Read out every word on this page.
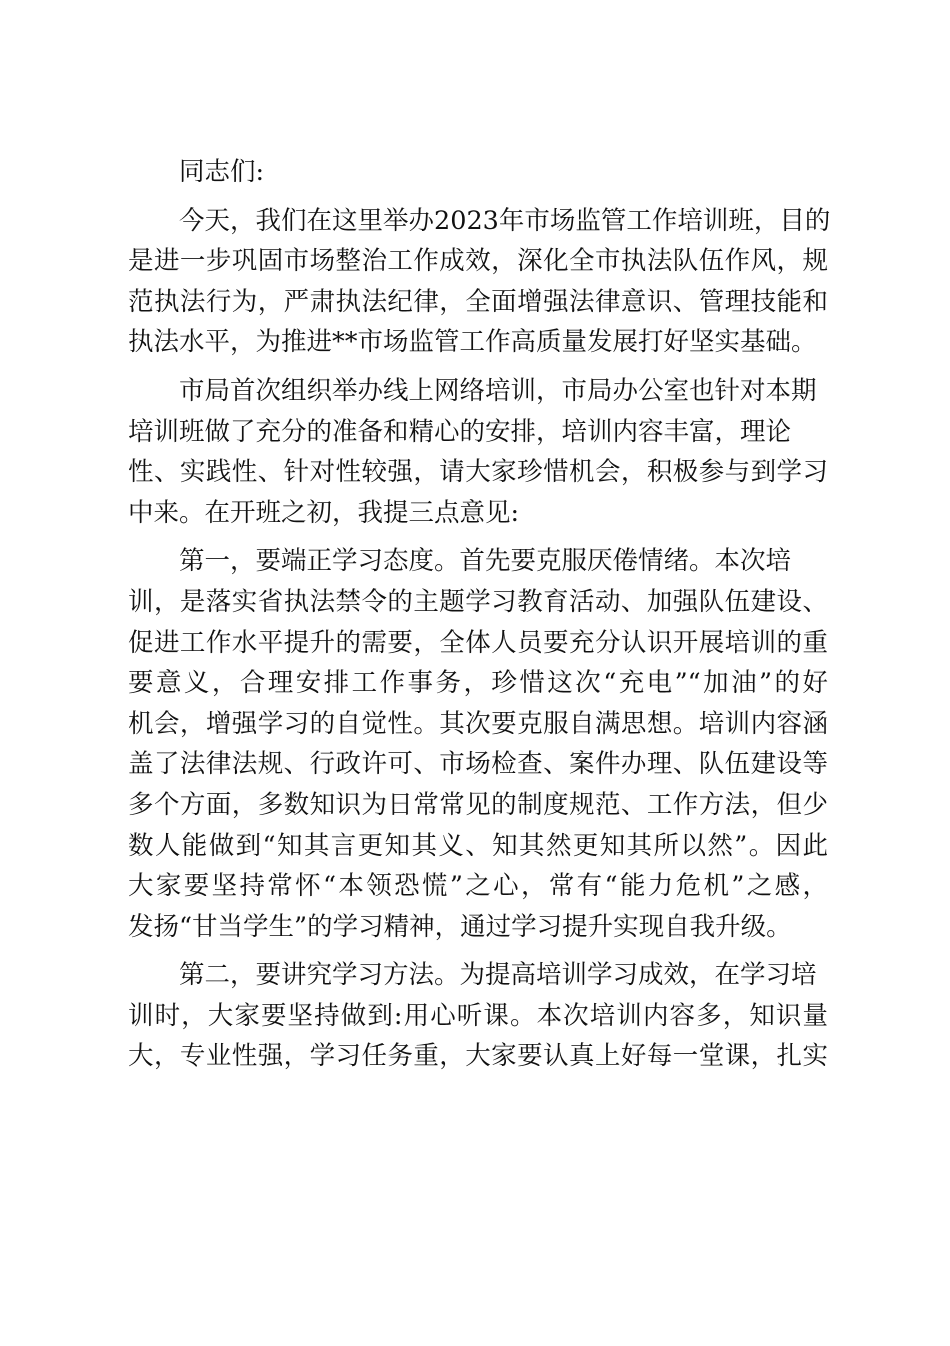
同志们:
今天，我们在这里举办2023年市场监管工作培训班，目的
是进一步巩固市场整治工作成效，深化全市执法队伍作风，规
范执法行为，严肃执法纪律，全面增强法律意识、管理技能和
执法水平，为推进**市场监管工作高质量发展打好坚实基础。
市局首次组织举办线上网络培训，市局办公室也针对本期
培训班做了充分的准备和精心的安排，培训内容丰富，理论
性、实践性、针对性较强，请大家珍惜机会，积极参与到学习
中来。在开班之初，我提三点意见:
第一，要端正学习态度。首先要克服厌倦情绪。本次培
训，是落实省执法禁令的主题学习教育活动、加强队伍建设、
促进工作水平提升的需要，全体人员要充分认识开展培训的重
要意义，合理安排工作事务，珍惜这次“充电”“加油”的好
机会，增强学习的自觉性。其次要克服自满思想。培训内容涵
盖了法律法规、行政许可、市场检查、案件办理、队伍建设等
多个方面，多数知识为日常常见的制度规范、工作方法，但少
数人能做到“知其言更知其义、知其然更知其所以然”。因此
大家要坚持常怀“本领恐慌”之心，常有“能力危机”之感，
发扬“甘当学生”的学习精神，通过学习提升实现自我升级。
第二，要讲究学习方法。为提高培训学习成效，在学习培
训时，大家要坚持做到:用心听课。本次培训内容多，知识量
大，专业性强，学习任务重，大家要认真上好每一堂课，扎实
